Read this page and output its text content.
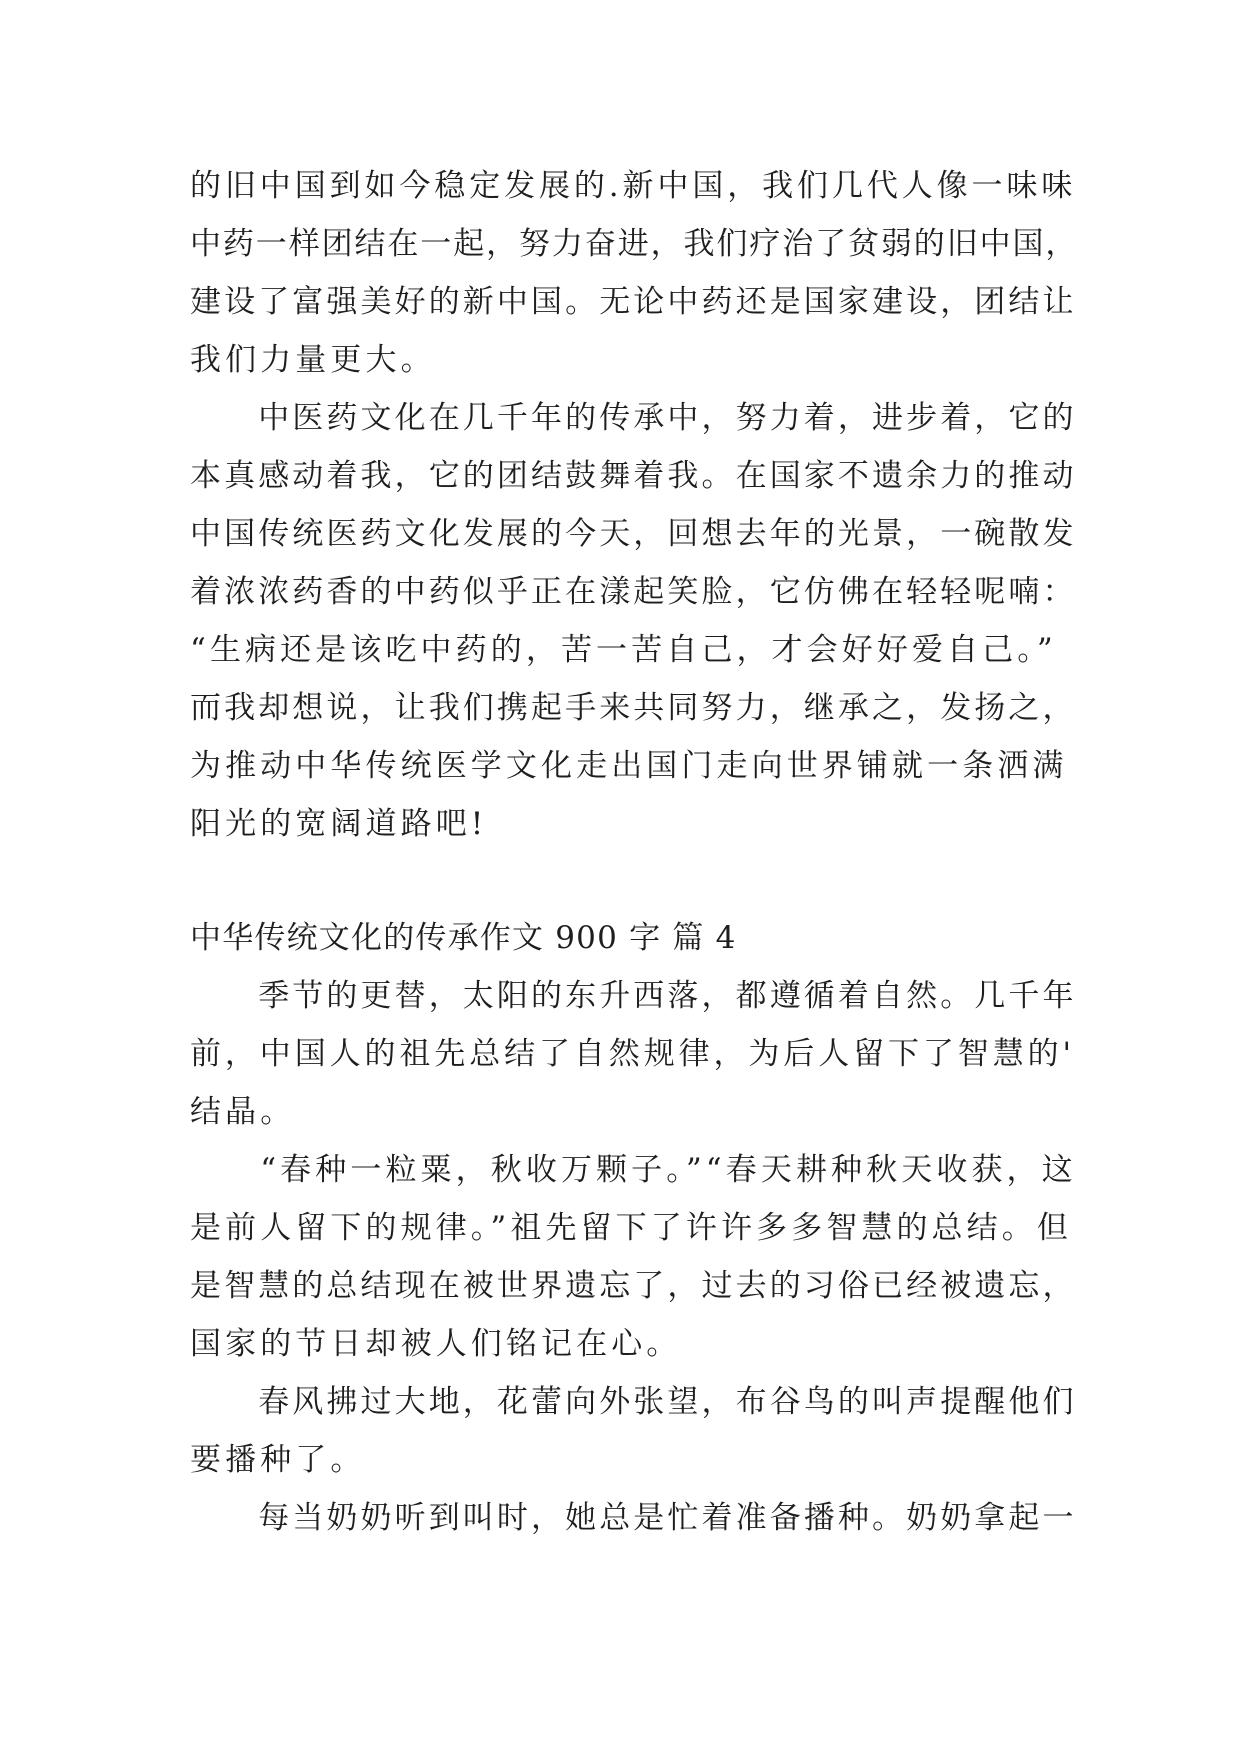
的旧中国到如今稳定发展的.新中国，我们几代人像一味味

中药一样团结在一起，努力奋进，我们疗治了贫弱的旧中国，

建设了富强美好的新中国。无论中药还是国家建设，团结让

我们力量更大。

　　中医药文化在几千年的传承中，努力着，进步着，它的

本真感动着我，它的团结鼓舞着我。在国家不遗余力的推动

中国传统医药文化发展的今天，回想去年的光景，一碗散发

着浓浓药香的中药似乎正在漾起笑脸，它仿佛在轻轻呢喃：

“生病还是该吃中药的，苦一苦自己，才会好好爱自己。”

而我却想说，让我们携起手来共同努力，继承之，发扬之，

为推动中华传统医学文化走出国门走向世界铺就一条洒满

阳光的宽阔道路吧!

中华传统文化的传承作文 900 字 篇 4

　　季节的更替，太阳的东升西落，都遵循着自然。几千年

前，中国人的祖先总结了自然规律，为后人留下了智慧的'

结晶。

　　“春种一粒粟，秋收万颗子。”“春天耕种秋天收获，这

是前人留下的规律。”祖先留下了许许多多智慧的总结。但

是智慧的总结现在被世界遗忘了，过去的习俗已经被遗忘，

国家的节日却被人们铭记在心。

　　春风拂过大地，花蕾向外张望，布谷鸟的叫声提醒他们

要播种了。

　　每当奶奶听到叫时，她总是忙着准备播种。奶奶拿起一
